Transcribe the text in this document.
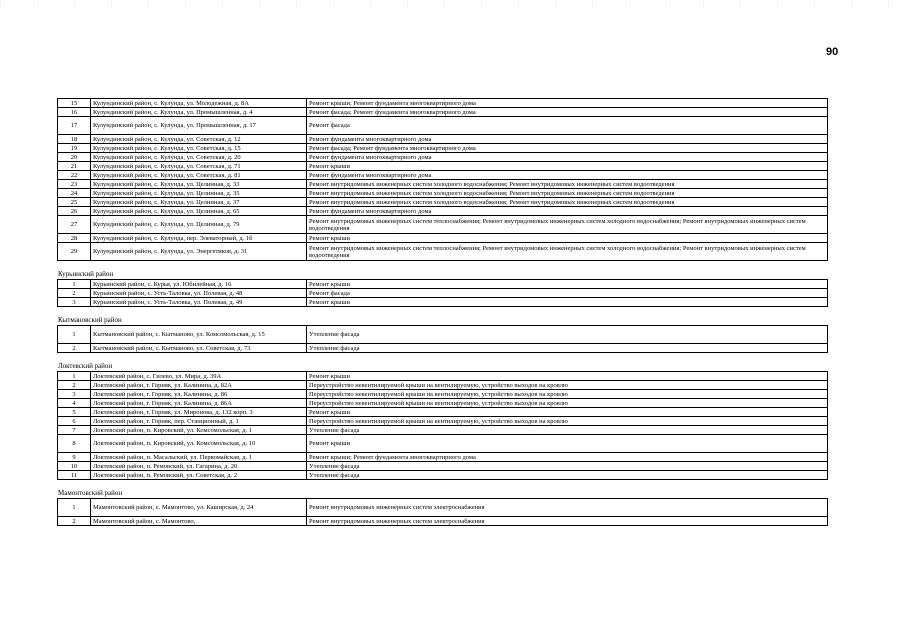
90
15	Кулундинский район, с. Кулунда, ул. Молодежная, д. 8А	Ремонт крыши; Ремонт фундамента многоквартирного дома
16	Кулундинский район, с. Кулунда, ул. Промышленная, д. 4	Ремонт фасада; Ремонт фундамента многоквартирного дома
17	Кулундинский район, с. Кулунда, ул. Промышленная, д. 17	Ремонт фасада
18	Кулундинский район, с. Кулунда, ул. Советская, д. 12	Ремонт фундамента многоквартирного дома
19	Кулундинский район, с. Кулунда, ул. Советская, д. 15	Ремонт фасада; Ремонт фундамента многоквартирного дома
20	Кулундинский район, с. Кулунда, ул. Советская, д. 20	Ремонт фундамента многоквартирного дома
21	Кулундинский район, с. Кулунда, ул. Советская, д. 71	Ремонт крыши
22	Кулундинский район, с. Кулунда, ул. Советская, д. 81	Ремонт фундамента многоквартирного дома
23	Кулундинский район, с. Кулунда, ул. Целинная, д. 33	Ремонт внутридомовых инженерных систем холодного водоснабжения; Ремонт внутридомовых инженерных систем водоотведения
24	Кулундинский район, с. Кулунда, ул. Целинная, д. 35	Ремонт внутридомовых инженерных систем холодного водоснабжения; Ремонт внутридомовых инженерных систем водоотведения
25	Кулундинский район, с. Кулунда, ул. Целинная, д. 37	Ремонт внутридомовых инженерных систем холодного водоснабжения; Ремонт внутридомовых инженерных систем водоотведения
26	Кулундинский район, с. Кулунда, ул. Целинная, д. 65	Ремонт фундамента многоквартирного дома
27	Кулундинский район, с. Кулунда, ул. Целинная, д. 79	Ремонт внутридомовых инженерных систем теплоснабжения; Ремонт внутридомовых инженерных систем холодного водоснабжения; Ремонт внутридомовых инженерных систем водоотведения
28	Кулундинский район, с. Кулунда, пер. Элеваторный, д. 1б	Ремонт крыши
29	Кулундинский район, с. Кулунда, ул. Энергетиков, д. 31	Ремонт внутридомовых инженерных систем теплоснабжения; Ремонт внутридомовых инженерных систем холодного водоснабжения; Ремонт внутридомовых инженерных систем водоотведения
Курьинский район
1	Курьинский район, с. Курья, ул. Юбилейная, д. 16	Ремонт крыши
2	Курьинский район, с. Усть-Таловка, ул. Полевая, д. 48	Ремонт фасада
3	Курьинский район, с. Усть-Таловка, ул. Полевая, д. 49	Ремонт крыши
Кытмановский район
1	Кытмановский район, с. Кытманово, ул. Комсомольская, д. 15	Утепление фасада
2	Кытмановский район, с. Кытманово, ул. Советская, д. 73	Утепление фасада
Локтевский район
1	Локтевский район, с. Гилево, ул. Мира, д. 39А	Ремонт крыши
2	Локтевский район, г. Горняк, ул. Калинина, д. 82А	Переустройство невентилируемой крыши на вентилируемую, устройство выходов на кровлю
3	Локтевский район, г. Горняк, ул. Калинина, д. 86	Переустройство невентилируемой крыши на вентилируемую, устройство выходов на кровлю
4	Локтевский район, г. Горняк, ул. Калинина, д. 86А	Переустройство невентилируемой крыши на вентилируемую, устройство выходов на кровлю
5	Локтевский район, г. Горняк, ул. Миронова, д. 132 корп. 3	Ремонт крыши
6	Локтевский район, г. Горняк, пер. Станционный, д. 1	Переустройство невентилируемой крыши на вентилируемую, устройство выходов на кровлю
7	Локтевский район, п. Кировский, ул. Комсомольская, д. 1	Утепление фасада
8	Локтевский район, п. Кировский, ул. Комсомольская, д. 10	Ремонт крыши
9	Локтевский район, п. Масальский, ул. Первомайская, д. 1	Ремонт крыши; Ремонт фундамента многоквартирного дома
10	Локтевский район, п. Ремовский, ул. Гагарина, д. 20	Утепление фасада
11	Локтевский район, п. Ремовский, ул. Советская, д. 2	Утепление фасада
Мамонтовский район
1	Мамонтовский район, с. Мамонтово, ул. Каширская, д. 24	Ремонт внутридомовых инженерных систем электроснабжения
2	Мамонтовский район, с. Мамонтово,	Ремонт внутридомовых инженерных систем электроснабжения
